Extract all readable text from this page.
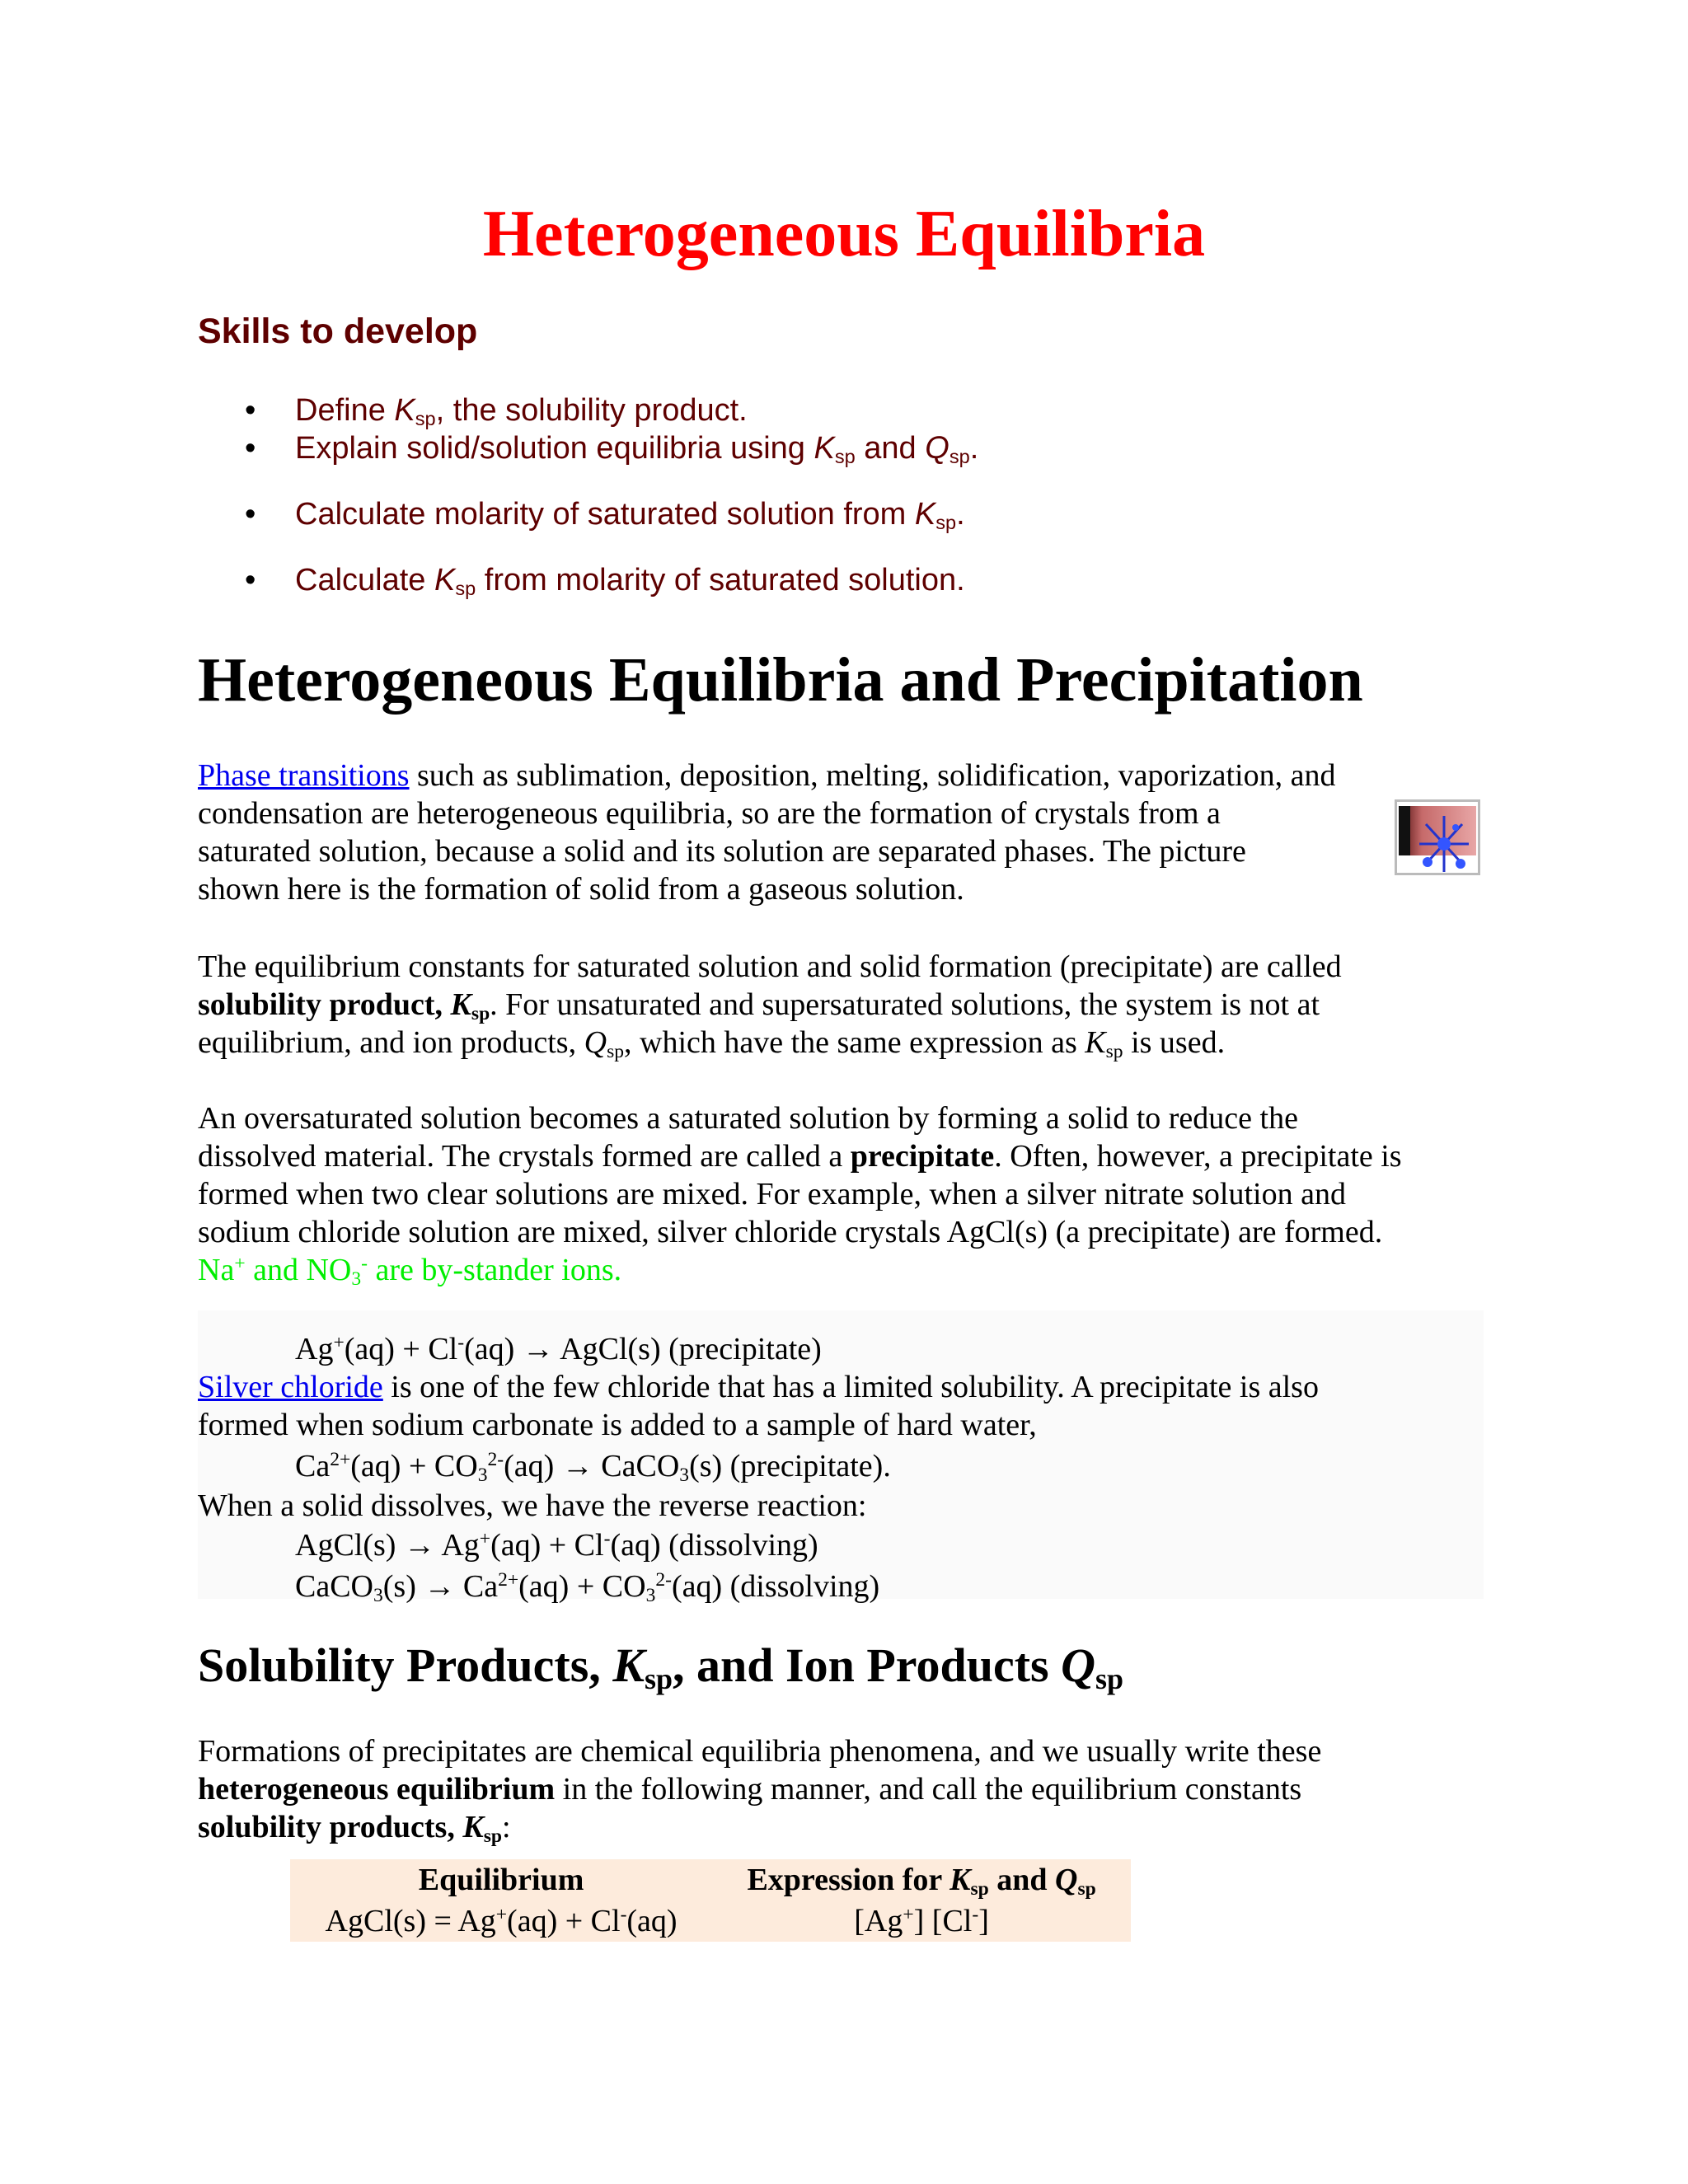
Heterogeneous Equilibria
Skills to develop
• Define $K_{sp}$, the solubility product.

• Explain solid/solution equilibria using $K_{sp}$ and $Q_{sp}$.

• Calculate molarity of saturated solution from $K_{sp}$.

• Calculate $K_{sp}$ from molarity of saturated solution.

Heterogeneous Equilibria and Precipitation
Phase transitions such as sublimation, deposition, melting, solidification, vaporization, and
condensation are heterogeneous equilibria, so are the formation of crystals from a
saturated solution, because a solid and its solution are separated phases. The picture
shown here is the formation of solid from a gaseous solution.
The equilibrium constants for saturated solution and solid formation (precipitate) are called
solubility product, $K_{sp}$. For unsaturated and supersaturated solutions, the system is not at
equilibrium, and ion products, $Q_{sp}$, which have the same expression as $K_{sp}$ is used.
An oversaturated solution becomes a saturated solution by forming a solid to reduce the
dissolved material. The crystals formed are called a precipitate. Often, however, a precipitate is
formed when two clear solutions are mixed. For example, when a silver nitrate solution and
sodium chloride solution are mixed, silver chloride crystals AgCl(s) (a precipitate) are formed.
Na+ and $NO_3^-$ are by-stander ions.

Ag+(aq) + Cl-(aq) → AgCl(s) (precipitate)

Silver chloride is one of the few chloride that has a limited solubility. A precipitate is also
formed when sodium carbonate is added to a sample of hard water,

$Ca^{2+}(aq) + CO_3^{2-}(aq)$ → CaCO$_3$(s) (precipitate).

When a solid dissolves, we have the reverse reaction:

AgCl(s) → Ag+(aq) + Cl-(aq) (dissolving)

CaCO$_3$(s) → $Ca^{2+}(aq) + CO_3^{2-}(aq)$ (dissolving)

Solubility Products, $K_{sp}$, and Ion Products $Q_{sp}$
Formations of precipitates are chemical equilibria phenomena, and we usually write these
heterogeneous equilibrium in the following manner, and call the equilibrium constants
solubility products, $K_{sp}$:
Equilibrium	Expression for $K_{sp}$ and $Q_{sp}$
AgCl(s) = Ag+(aq) + Cl-(aq)	[Ag+] [Cl-]
